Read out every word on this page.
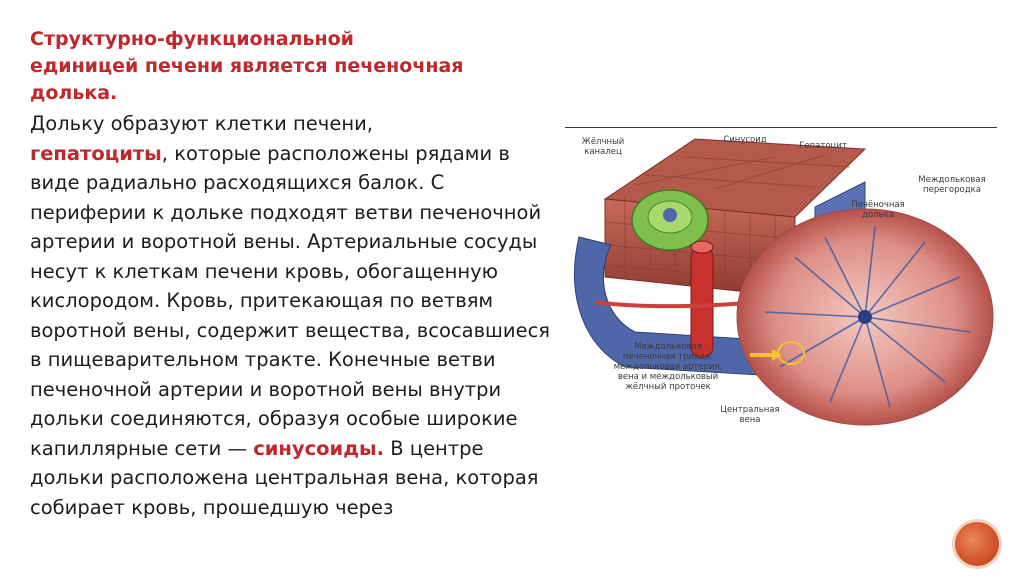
Структурно-функциональной
единицей печени является печеночная
долька.

Дольку образуют клетки печени,
гепатоциты, которые расположены рядами в виде радиально расходящихся балок. С периферии к дольке подходят ветви печеночной артерии и воротной вены. Артериальные сосуды несут к клеткам печени кровь, обогащенную кислородом. Кровь, притекающая по ветвям воротной вены, содержит вещества, всосавшиеся в пищеварительном тракте. Конечные ветви печеночной артерии и воротной вены внутри дольки соединяются, образуя особые широкие капиллярные сети — синусоиды. В центре дольки расположена центральная вена, которая собирает кровь, прошедшую через

Жёлчный
каналец
Синусоид
Гепатоцит
Междольковая
перегородка
Печёночная
долька
Междольковая
печеночная триада:
междольковая артерия,
вена и междольковый
жёлчный проточек
Центральная
вена
